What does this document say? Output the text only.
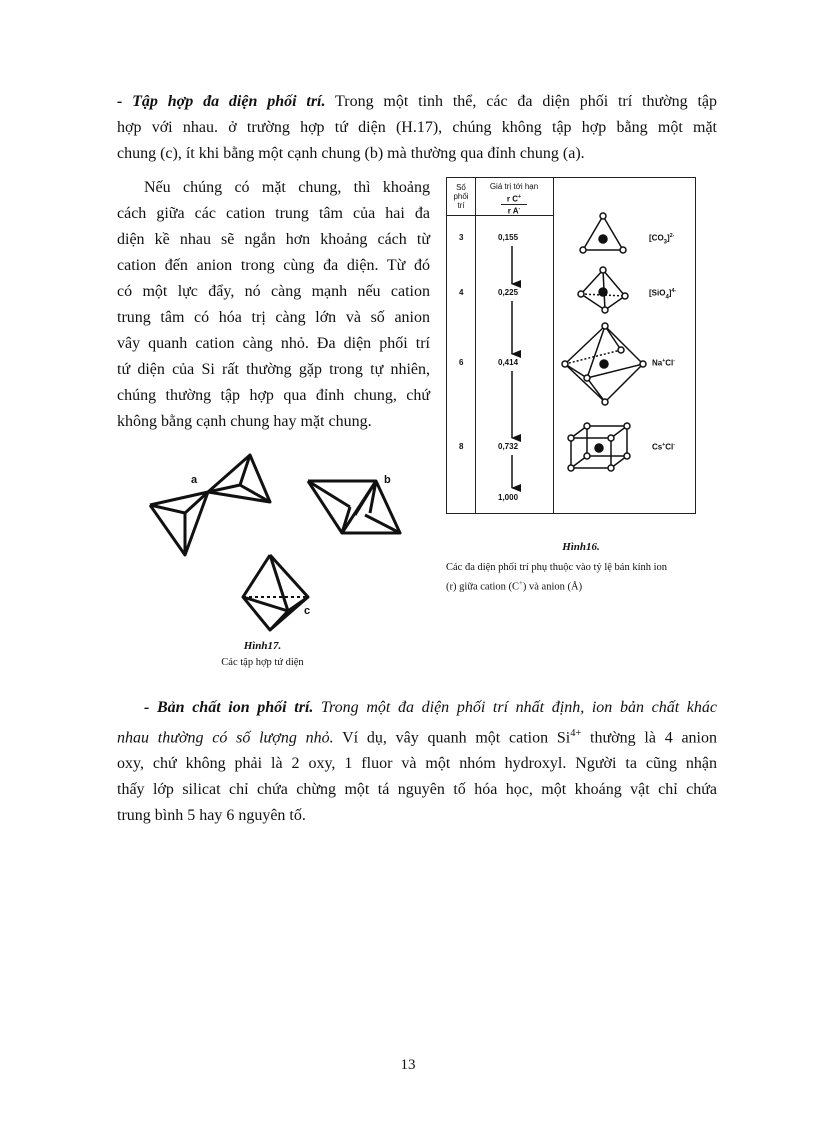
- Tập hợp đa diện phối trí. Trong một tinh thể, các đa diện phối trí thường tập
hợp với nhau. ở trường hợp tứ diện (H.17), chúng không tập hợp bằng một mặt
chung (c), ít khi bằng một cạnh chung (b) mà thường qua đỉnh chung (a).
Nếu chúng có mặt chung, thì khoảng
cách giữa các cation trung tâm của hai đa
diện kề nhau sẽ ngắn hơn khoảng cách từ
cation đến anion trong cùng đa diện. Từ đó
có một lực đẩy, nó càng mạnh nếu cation
trung tâm có hóa trị càng lớn và số anion
vây quanh cation càng nhỏ. Đa diện phối trí
tứ diện của Si rất thường gặp trong tự nhiên,
chúng thường tập hợp qua đỉnh chung, chứ
không bằng cạnh chung hay mặt chung.
a	b
c
Hình17.
Các tập hợp tứ diện
Số
phối
trí
Giá trị tới hạn
r C+
r A-
3	0,155	$[CO_3]^{2-}$
4	0,225	$[SiO_4]^{4-}$
6	0,414	Na+Cl-
8	0,732	Cs+Cl-
1,000
Hình16.
Các đa diện phối trí phụ thuộc vào tỷ lệ bán kính ion
(r) giữa cation (C+) và anion (Å)
- Bản chất ion phối trí. Trong một đa diện phối trí nhất định, ion bản chất khác
nhau thường có số lượng nhỏ. Ví dụ, vây quanh một cation $Si^{4+}$ thường là 4 anion
oxy, chứ không phải là 2 oxy, 1 fluor và một nhóm hydroxyl. Người ta cũng nhận
thấy lớp silicat chỉ chứa chừng một tá nguyên tố hóa học, một khoáng vật chỉ chứa
trung bình 5 hay 6 nguyên tố.
13
